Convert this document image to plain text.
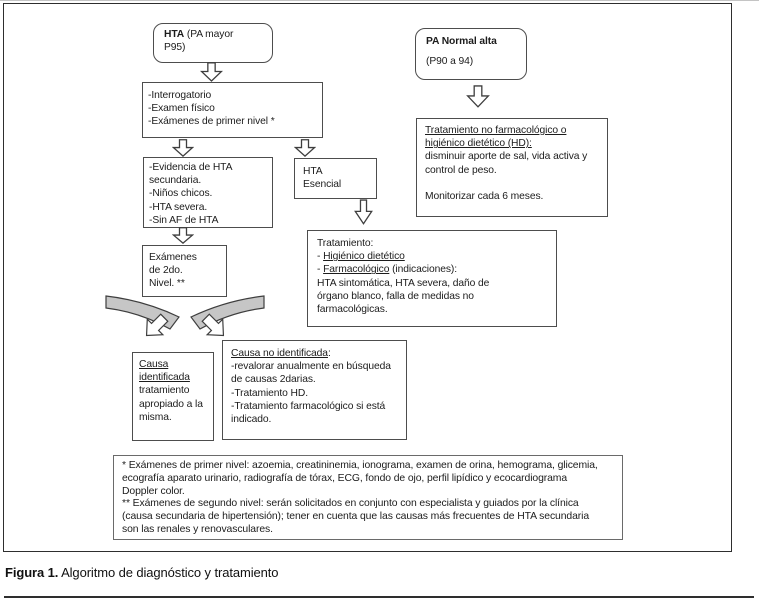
HTA (PA mayor P95)
-Interrogatorio
-Examen físico
-Exámenes de primer nivel *
-Evidencia de HTA secundaria.
-Niños chicos.
-HTA severa.
-Sin AF de HTA
HTA
Esencial
Exámenes
de 2do.
Nivel. **
Causa identificada tratamiento apropiado a la misma.
Causa no identificada:
-revalorar anualmente en búsqueda de causas 2darias.
-Tratamiento HD.
-Tratamiento farmacológico si está indicado.
Tratamiento:
- Higiénico dietético
- Farmacológico (indicaciones):
HTA sintomática, HTA severa, daño de órgano blanco, falla de medidas no farmacológicas.
PA Normal alta
(P90 a 94)
Tratamiento no farmacológico o higiénico dietético (HD):
disminuir aporte de sal, vida activa y control de peso.
Monitorizar cada 6 meses.
* Exámenes de primer nivel: azoemia, creatininemia, ionograma, examen de orina, hemograma, glicemia, ecografía aparato urinario, radiografía de tórax, ECG, fondo de ojo, perfil lipídico y ecocardiograma Doppler color.
** Exámenes de segundo nivel: serán solicitados en conjunto con especialista y guiados por la clínica (causa secundaria de hipertensión); tener en cuenta que las causas más frecuentes de HTA secundaria son las renales y renovasculares.
Figura 1. Algoritmo de diagnóstico y tratamiento
